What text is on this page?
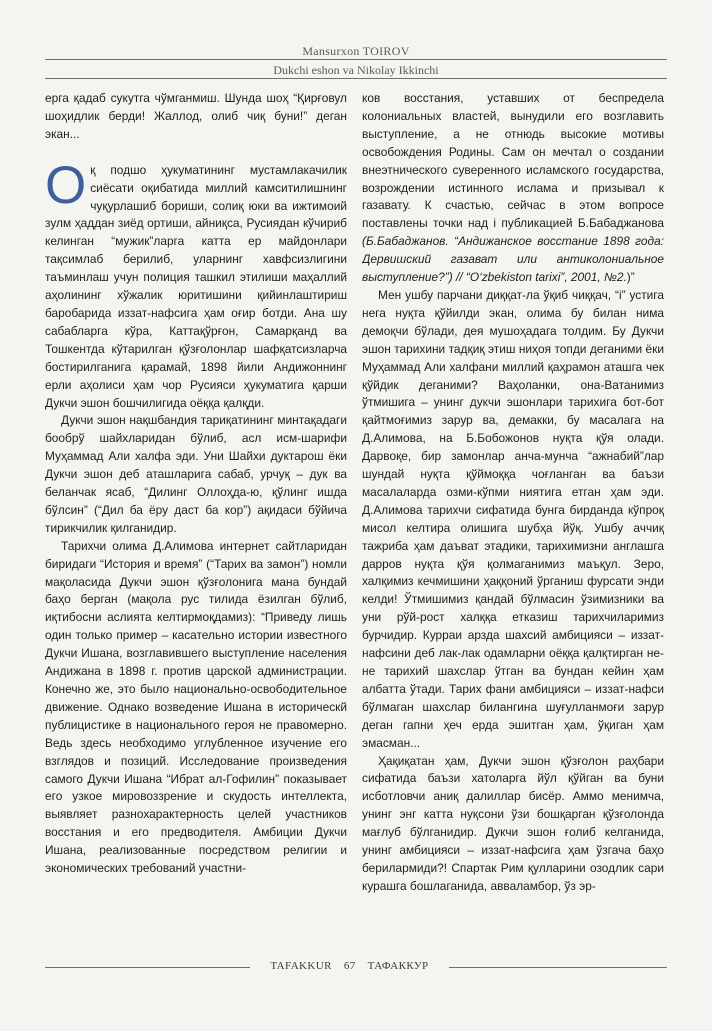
Mansurxon TOIROV
Dukchi eshon va Nikolay Ikkinchi

ерга қадаб сукутга чўмганмиш. Шунда шоҳ “Қирғовул шоҳидлик берди! Жаллод, олиб чиқ буни!” деган экан...

Оқ подшо ҳукуматининг мустамлакачилик сиёсати оқибатида миллий камситилишнинг чуқурлашиб бориши, солиқ юки ва ижтимоий зулм ҳаддан зиёд ортиши, айниқса, Русиядан кўчириб келинган “мужик”ларга катта ер майдонлари тақсимлаб берилиб, уларнинг хавфсизлигини таъминлаш учун полиция ташкил этилиши маҳаллий аҳолининг хўжалик юритишини қийинлаштириш баробарида иззат-нафсига ҳам оғир ботди. Ана шу сабабларга кўра, Каттақўрғон, Самарқанд ва Тошкентда кўтарилган қўзғолонлар шафқатсизларча бостирилганига қарамай, 1898 йили Андижоннинг ерли аҳолиси ҳам чор Русияси ҳукуматига қарши Дукчи эшон бошчилигида оёққа қалқди.

Дукчи эшон нақшбандия тариқатининг минтақадаги бообрў шайхларидан бўлиб, асл исм-шарифи Муҳаммад Али халфа эди. Уни Шайхи дуктарош ёки Дукчи эшон деб аташларига сабаб, урчуқ – дук ва беланчак ясаб, “Дилинг Оллоҳда-ю, қўлинг ишда бўлсин” (“Дил ба ёру даст ба кор”) ақидаси бўйича тирикчилик қилганидир.

Тарихчи олима Д.Алимова интернет сайтларидан биридаги “История и время” (“Тарих ва замон”) номли мақоласида Дукчи эшон қўзғолонига мана бундай баҳо берган (мақола рус тилида ёзилган бўлиб, иқтибосни аслията келтирмоқдамиз): “Приведу лишь один только пример – касательно истории известного Дукчи Ишана, возглавившего выступление населения Андижана в 1898 г. против царской администрации. Конечно же, это было национально-освободительное движение. Однако возведение Ишана в историческй публицистике в национального героя не правомерно. Ведь здесь необходимо углубленное изучение его взглядов и позиций. Исследование произведения самого Дукчи Ишана “Ибрат ал-Гофилин” показывает его узкое мировоззрение и скудость интеллекта, выявляет разнохарактерность целей участников восстания и его предводителя. Амбиции Дукчи Ишана, реализованные посредством религии и экономических требований участни-

ков восстания, уставших от беспредела колониальных властей, вынудили его возглавить выступление, а не отнюдь высокие мотивы освобождения Родины. Сам он мечтал о создании внеэтнического суверенного исламского государства, возрождении истинного ислама и призывал к газавату. К счастью, сейчас в этом вопросе поставлены точки над і публикацией Б.Бабаджанова (Б.Бабаджанов. “Андижанское восстание 1898 года: Дервишский газават или антиколониальное выступление?”) // “O‘zbekiston tarixi”, 2001, №2.)”

Мен ушбу парчани диққат-ла ўқиб чиққач, “і” устига нега нуқта қўйилди экан, олима бу билан нима демоқчи бўлади, дея мушоҳадага толдим. Бу Дукчи эшон тарихини тадқиқ этиш ниҳоя топди деганими ёки Муҳаммад Али халфани миллий қаҳрамон аташга чек қўйдик деганими? Ваҳоланки, она-Ватанимиз ўтмишига – унинг дукчи эшонлари тарихига бот-бот қайтмоғимиз зарур ва, демакки, бу масалага на Д.Алимова, на Б.Бобожонов нуқта қўя олади. Дарвоқе, бир замонлар анча-мунча “ажнабий”лар шундай нуқта қўймоққа чоғланган ва баъзи масалаларда озми-кўпми ниятига етган ҳам эди. Д.Алимова тарихчи сифатида бунга бирданда кўпроқ мисол келтира олишига шубҳа йўқ. Ушбу аччиқ тажриба ҳам даъват этадики, тарихимизни англашга дарров нуқта қўя қолмаганимиз маъқул. Зеро, халқимиз кечмишини ҳаққоний ўрганиш фурсати энди келди! Ўтмишимиз қандай бўлмасин ўзимизники ва уни рўй-рост халққа етказиш тарихчиларимиз бурчидир. Курраи арзда шахсий амбицияси – иззат-нафсини деб лак-лак одамларни оёққа қалқтирган не-не тарихий шахслар ўтган ва бундан кейин ҳам албатта ўтади. Тарих фани амбицияси – иззат-нафси бўлмаган шахслар билангина шуғулланмоғи зарур деган гапни ҳеч ерда эшитган ҳам, ўқиган ҳам эмасман...

Ҳақиқатан ҳам, Дукчи эшон қўзғолон раҳбари сифатида баъзи хатоларга йўл қўйган ва буни исботловчи аниқ далиллар бисёр. Аммо менимча, унинг энг катта нуқсони ўзи бошқарган қўзғолонда мағлуб бўлганидир. Дукчи эшон ғолиб келганида, унинг амбицияси – иззат-нафсига ҳам ўзгача баҳо берилармиди?! Спартак Рим қулларини озодлик сари курашга бошлаганида, авваламбор, ўз эр-

TAFAKKUR 67 ТАФАККУР
